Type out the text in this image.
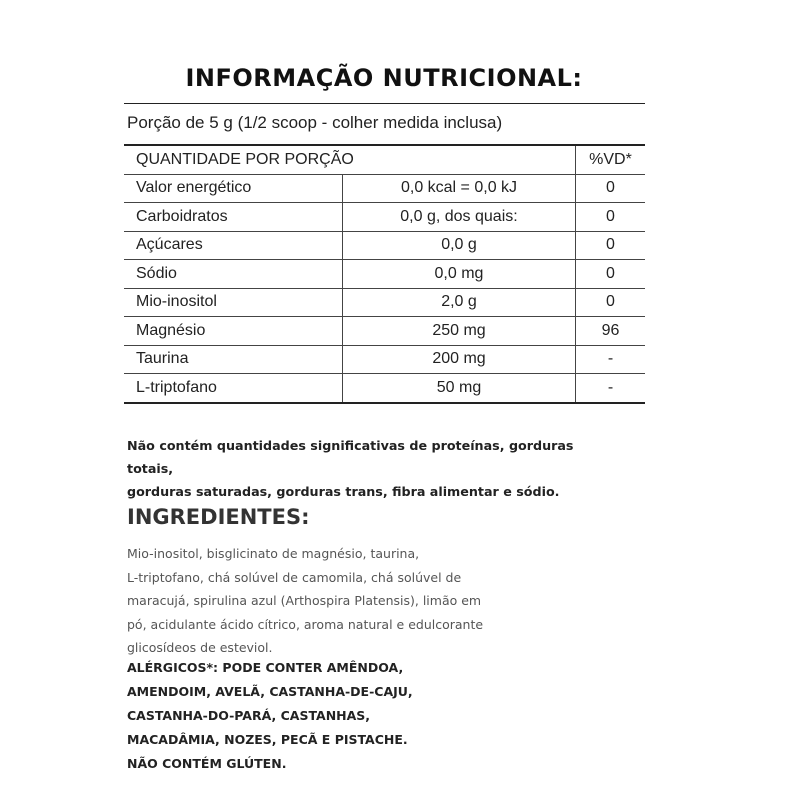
INFORMAÇÃO NUTRICIONAL:
Porção de 5 g (1/2 scoop - colher medida inclusa)
QUANTIDADE POR PORÇÃO		%VD*
Valor energético	0,0 kcal = 0,0 kJ	0
Carboidratos	0,0 g, dos quais:	0
Açúcares	0,0 g	0
Sódio	0,0 mg	0
Mio-inositol	2,0 g	0
Magnésio	250 mg	96
Taurina	200 mg	-
L-triptofano	50 mg	-
Não contém quantidades significativas de proteínas, gorduras totais,
gorduras saturadas, gorduras trans, fibra alimentar e sódio.
INGREDIENTES:
Mio-inositol, bisglicinato de magnésio, taurina,
L-triptofano, chá solúvel de camomila, chá solúvel de
maracujá, spirulina azul (Arthospira Platensis), limão em
pó, acidulante ácido cítrico, aroma natural e edulcorante
glicosídeos de esteviol.
ALÉRGICOS*: PODE CONTER AMÊNDOA,
AMENDOIM, AVELÃ, CASTANHA-DE-CAJU,
CASTANHA-DO-PARÁ, CASTANHAS,
MACADÂMIA, NOZES, PECÃ E PISTACHE.
NÃO CONTÉM GLÚTEN.
